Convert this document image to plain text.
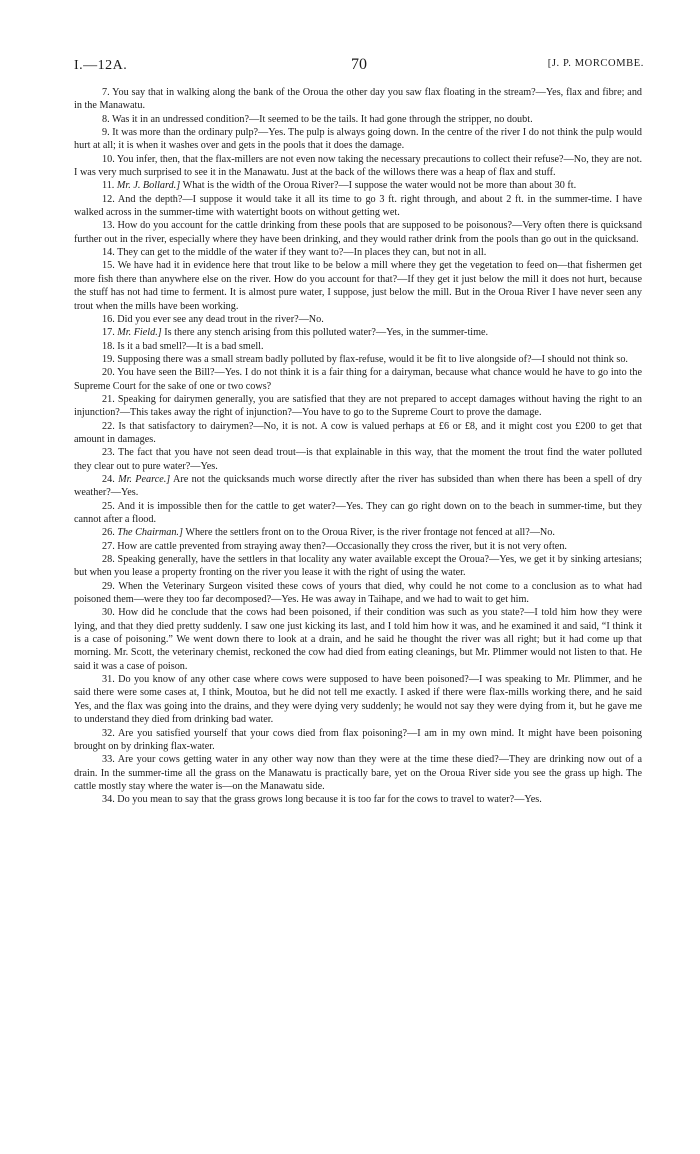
I.—12A.	70	[J. P. MORCOMBE.

7. You say that in walking along the bank of the Oroua the other day you saw flax floating in the stream?—Yes, flax and fibre; and in the Manawatu.

8. Was it in an undressed condition?—It seemed to be the tails. It had gone through the stripper, no doubt.

9. It was more than the ordinary pulp?—Yes. The pulp is always going down. In the centre of the river I do not think the pulp would hurt at all; it is when it washes over and gets in the pools that it does the damage.

10. You infer, then, that the flax-millers are not even now taking the necessary precautions to collect their refuse?—No, they are not. I was very much surprised to see it in the Manawatu. Just at the back of the willows there was a heap of flax and stuff.

11. Mr. J. Bollard.] What is the width of the Oroua River?—I suppose the water would not be more than about 30 ft.

12. And the depth?—I suppose it would take it all its time to go 3 ft. right through, and about 2 ft. in the summer-time. I have walked across in the summer-time with watertight boots on without getting wet.

13. How do you account for the cattle drinking from these pools that are supposed to be poisonous?—Very often there is quicksand further out in the river, especially where they have been drinking, and they would rather drink from the pools than go out in the quicksand.

14. They can get to the middle of the water if they want to?—In places they can, but not in all.

15. We have had it in evidence here that trout like to be below a mill where they get the vegetation to feed on—that fishermen get more fish there than anywhere else on the river. How do you account for that?—If they get it just below the mill it does not hurt, because the stuff has not had time to ferment. It is almost pure water, I suppose, just below the mill. But in the Oroua River I have never seen any trout when the mills have been working.

16. Did you ever see any dead trout in the river?—No.

17. Mr. Field.] Is there any stench arising from this polluted water?—Yes, in the summer-time.

18. Is it a bad smell?—It is a bad smell.

19. Supposing there was a small stream badly polluted by flax-refuse, would it be fit to live alongside of?—I should not think so.

20. You have seen the Bill?—Yes. I do not think it is a fair thing for a dairyman, because what chance would he have to go into the Supreme Court for the sake of one or two cows?

21. Speaking for dairymen generally, you are satisfied that they are not prepared to accept damages without having the right to an injunction?—This takes away the right of injunction?—You have to go to the Supreme Court to prove the damage.

22. Is that satisfactory to dairymen?—No, it is not. A cow is valued perhaps at £6 or £8, and it might cost you £200 to get that amount in damages.

23. The fact that you have not seen dead trout—is that explainable in this way, that the moment the trout find the water polluted they clear out to pure water?—Yes.

24. Mr. Pearce.] Are not the quicksands much worse directly after the river has subsided than when there has been a spell of dry weather?—Yes.

25. And it is impossible then for the cattle to get water?—Yes. They can go right down on to the beach in summer-time, but they cannot after a flood.

26. The Chairman.] Where the settlers front on to the Oroua River, is the river frontage not fenced at all?—No.

27. How are cattle prevented from straying away then?—Occasionally they cross the river, but it is not very often.

28. Speaking generally, have the settlers in that locality any water available except the Oroua?—Yes, we get it by sinking artesians; but when you lease a property fronting on the river you lease it with the right of using the water.

29. When the Veterinary Surgeon visited these cows of yours that died, why could he not come to a conclusion as to what had poisoned them—were they too far decomposed?—Yes. He was away in Taihape, and we had to wait to get him.

30. How did he conclude that the cows had been poisoned, if their condition was such as you state?—I told him how they were lying, and that they died pretty suddenly. I saw one just kicking its last, and I told him how it was, and he examined it and said, “I think it is a case of poisoning.” We went down there to look at a drain, and he said he thought the river was all right; but it had come up that morning. Mr. Scott, the veterinary chemist, reckoned the cow had died from eating cleanings, but Mr. Plimmer would not listen to that. He said it was a case of poison.

31. Do you know of any other case where cows were supposed to have been poisoned?—I was speaking to Mr. Plimmer, and he said there were some cases at, I think, Moutoa, but he did not tell me exactly. I asked if there were flax-mills working there, and he said Yes, and the flax was going into the drains, and they were dying very suddenly; he would not say they were dying from it, but he gave me to understand they died from drinking bad water.

32. Are you satisfied yourself that your cows died from flax poisoning?—I am in my own mind. It might have been poisoning brought on by drinking flax-water.

33. Are your cows getting water in any other way now than they were at the time these died?—They are drinking now out of a drain. In the summer-time all the grass on the Manawatu is practically bare, yet on the Oroua River side you see the grass up high. The cattle mostly stay where the water is—on the Manawatu side.

34. Do you mean to say that the grass grows long because it is too far for the cows to travel to water?—Yes.
